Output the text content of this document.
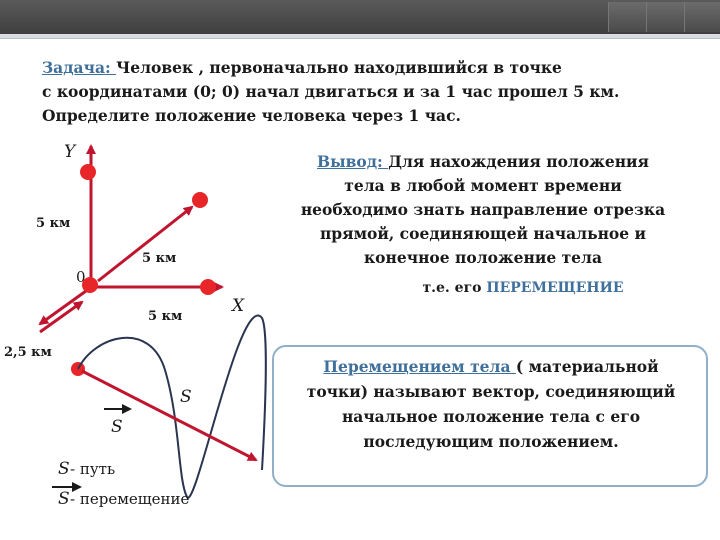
Задача: Человек , первоначально находившийся в точке
с координатами (0; 0) начал двигаться и за 1 час прошел 5 км.
Определите положение человека через 1 час.
Вывод: Для нахождения положения
тела в любой момент времени
необходимо знать направление отрезка
прямой, соединяющей начальное и
конечное положение тела
т.е. его ПЕРЕМЕЩЕНИЕ
Перемещением тела ( материальной
точки) называют вектор, соединяющий
начальное положение тела с его
последующим положением.
Y
X
0
5 км
5 км
5 км
2,5 км
S
S
S - путь
S - перемещение
